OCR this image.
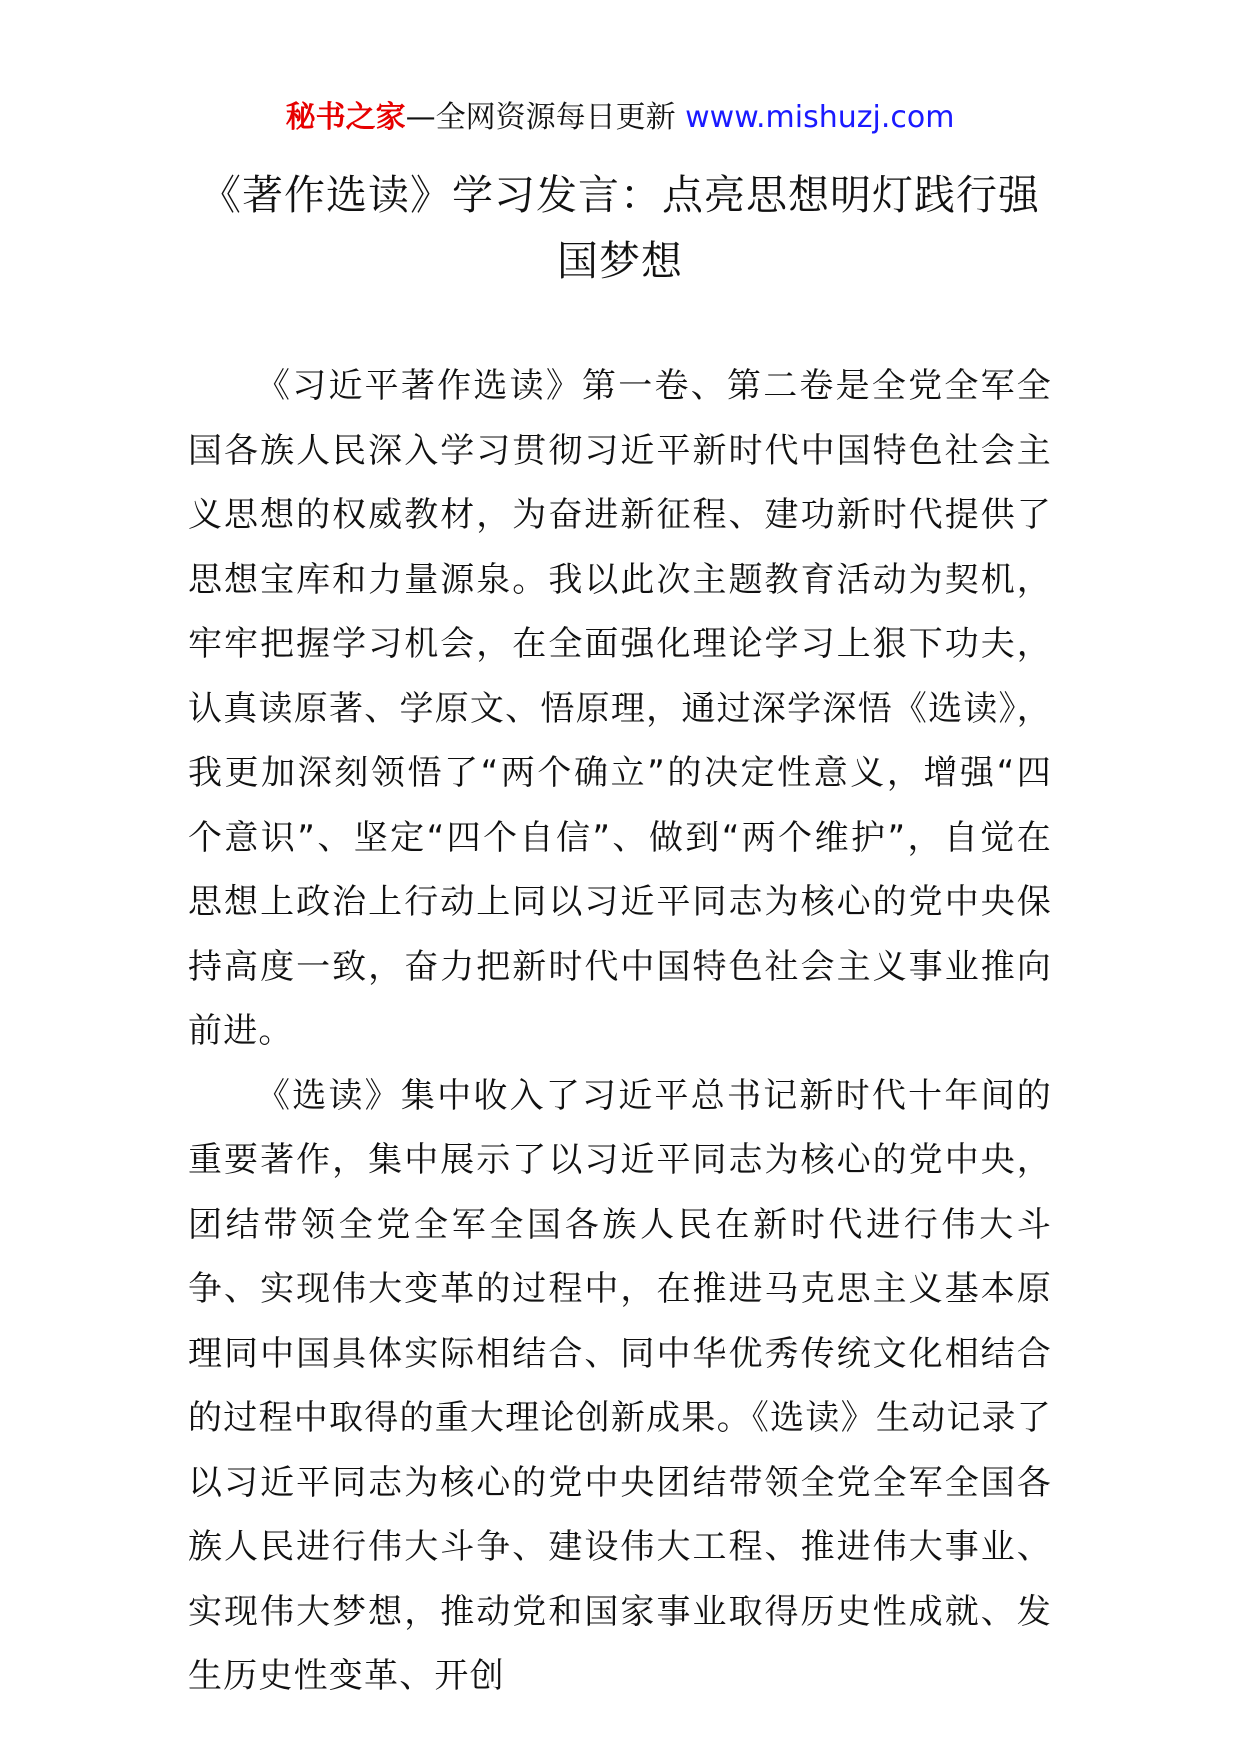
秘书之家—全网资源每日更新 www.mishuzj.com
《著作选读》学习发言：点亮思想明灯践行强国梦想

《习近平著作选读》第一卷、第二卷是全党全军全国各族人民深入学习贯彻习近平新时代中国特色社会主义思想的权威教材，为奋进新征程、建功新时代提供了思想宝库和力量源泉。我以此次主题教育活动为契机，牢牢把握学习机会，在全面强化理论学习上狠下功夫，认真读原著、学原文、悟原理，通过深学深悟《选读》，我更加深刻领悟了“两个确立”的决定性意义，增强“四个意识”、坚定“四个自信”、做到“两个维护”，自觉在思想上政治上行动上同以习近平同志为核心的党中央保持高度一致，奋力把新时代中国特色社会主义事业推向前进。

《选读》集中收入了习近平总书记新时代十年间的重要著作，集中展示了以习近平同志为核心的党中央，团结带领全党全军全国各族人民在新时代进行伟大斗争、实现伟大变革的过程中，在推进马克思主义基本原理同中国具体实际相结合、同中华优秀传统文化相结合的过程中取得的重大理论创新成果。《选读》生动记录了以习近平同志为核心的党中央团结带领全党全军全国各族人民进行伟大斗争、建设伟大工程、推进伟大事业、实现伟大梦想，推动党和国家事业取得历史性成就、发生历史性变革、开创
